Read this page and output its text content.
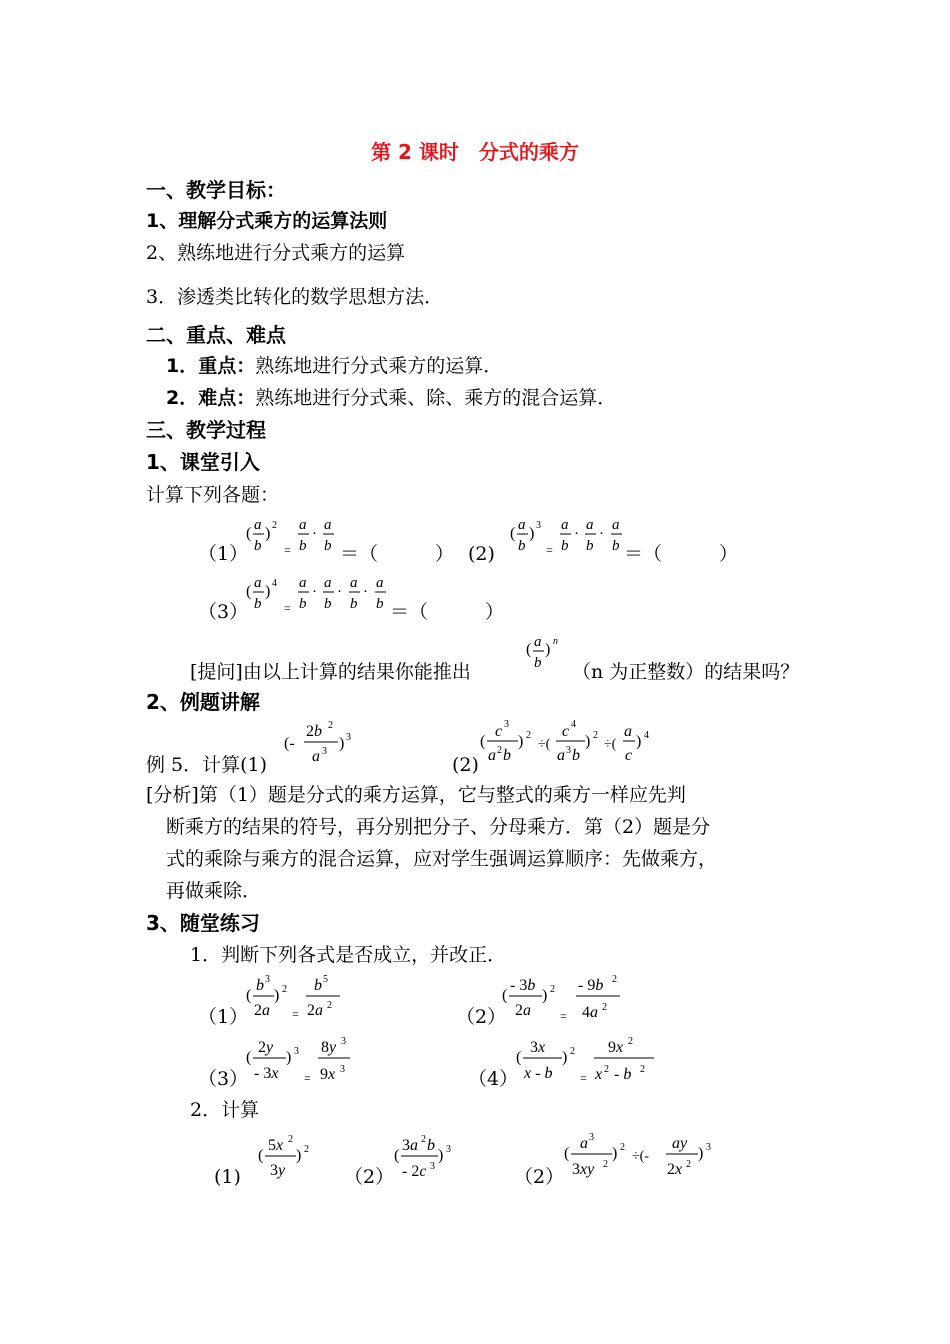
第 2 课时　分式的乘方
一、教学目标：
1、理解分式乘方的运算法则
2、熟练地进行分式乘方的运算
3．渗透类比转化的数学思想方法．
二、重点、难点
1．重点：熟练地进行分式乘方的运算．
2．难点：熟练地进行分式乘、除、乘方的混合运算．
三、教学过程
1、课堂引入
计算下列各题：
（1）
( a
b
) 2
=
a
b
·
a
b ＝（　　　） (2)
( a
b
) 3
=
a
b
·
a
b
·
a
b ＝（　　　）
（3）
( a
b
) 4
=
a
b
·
a
b
·
a
b
·
a
b ＝（　　　）
[提问]由以上计算的结果你能推出
( a
b
) n
（n 为正整数）的结果吗？
2、例题讲解
例 5．计算(1)
(-
2b 2
a 3 ) 3
(2)
(
c 3
a 2 b
) 2
÷(
c 4
a 3 b
) 2
÷(
a
c
) 4
[分析]第（1）题是分式的乘方运算，它与整式的乘方一样应先判
断乘方的结果的符号，再分别把分子、分母乘方．第（2）题是分
式的乘除与乘方的混合运算，应对学生强调运算顺序：先做乘方，
再做乘除．
3、随堂练习
1．判断下列各式是否成立，并改正．
（1）
(
b 3
2a
) 2
=
b 5
2a 2
（2）
(
- 3b
2a
) 2
=
- 9b 2
4a 2
（3）
(
2y
- 3x
) 3
=
8y 3
9x 3	（4）
(
3x
x - b
) 2
=
9x 2
x 2 - b 2
2．计算
(1)
(
5x 2
3y
) 2
（2）
(
3a 2 b
- 2c 3
) 3
（2）
(
a 3
3xy 2
) 2
÷(-
ay
2x 2
) 3
